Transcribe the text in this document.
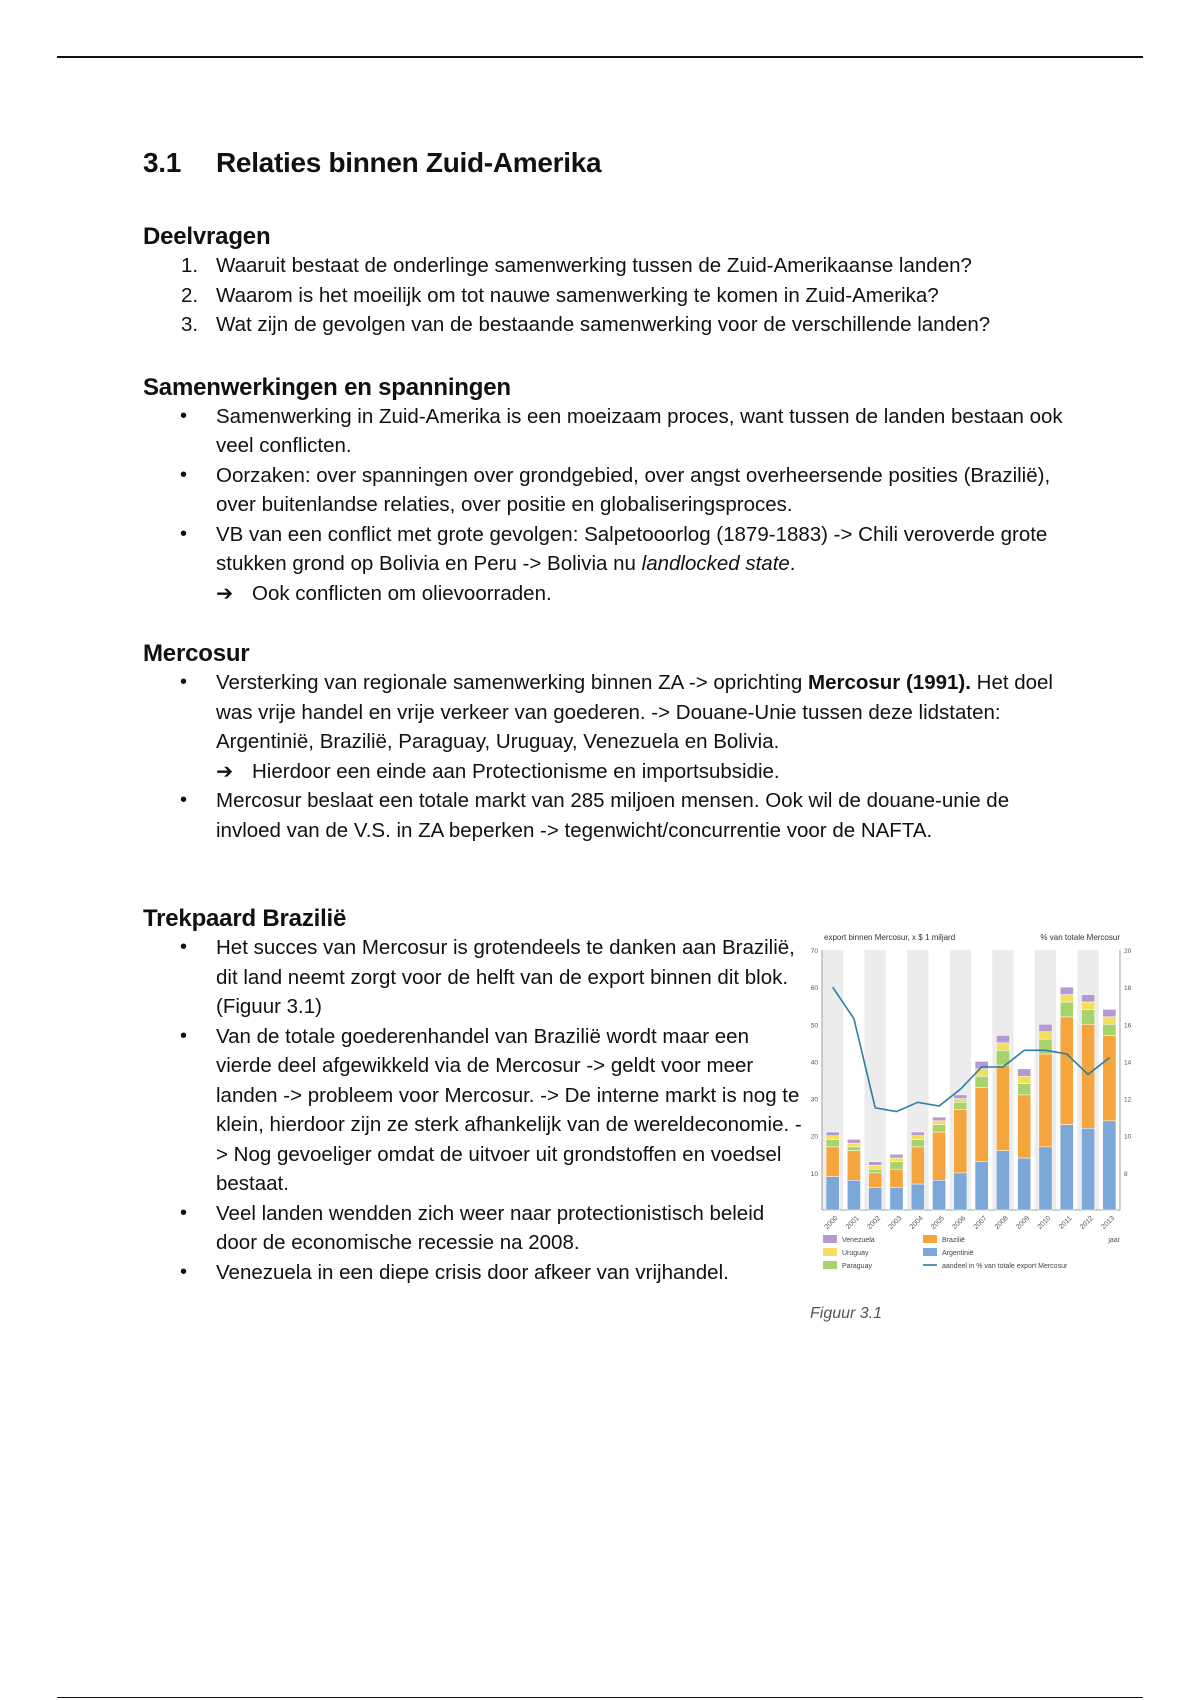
3.1 Relaties binnen Zuid-Amerika
Deelvragen
1. Waaruit bestaat de onderlinge samenwerking tussen de Zuid-Amerikaanse landen?
2. Waarom is het moeilijk om tot nauwe samenwerking te komen in Zuid-Amerika?
3. Wat zijn de gevolgen van de bestaande samenwerking voor de verschillende landen?
Samenwerkingen en spanningen
• Samenwerking in Zuid-Amerika is een moeizaam proces, want tussen de landen bestaan ook veel conflicten.
• Oorzaken: over spanningen over grondgebied, over angst overheersende posities (Brazilië), over buitenlandse relaties, over positie en globaliseringsproces.
• VB van een conflict met grote gevolgen: Salpetooorlog (1879-1883) -> Chili veroverde grote stukken grond op Bolivia en Peru -> Bolivia nu landlocked state.
➔ Ook conflicten om olievoorraden.
Mercosur
• Versterking van regionale samenwerking binnen ZA -> oprichting Mercosur (1991). Het doel was vrije handel en vrije verkeer van goederen. -> Douane-Unie tussen deze lidstaten: Argentinië, Brazilië, Paraguay, Uruguay, Venezuela en Bolivia.
➔ Hierdoor een einde aan Protectionisme en importsubsidie.
• Mercosur beslaat een totale markt van 285 miljoen mensen. Ook wil de douane-unie de invloed van de V.S. in ZA beperken -> tegenwicht/concurrentie voor de NAFTA.
Trekpaard Brazilië
• Het succes van Mercosur is grotendeels te danken aan Brazilië, dit land neemt zorgt voor de helft van de export binnen dit blok. (Figuur 3.1)
• Van de totale goederenhandel van Brazilië wordt maar een vierde deel afgewikkeld via de Mercosur -> geldt voor meer landen -> probleem voor Mercosur. -> De interne markt is nog te klein, hierdoor zijn ze sterk afhankelijk van de wereldeconomie. -> Nog gevoeliger omdat de uitvoer uit grondstoffen en voedsel bestaat.
• Veel landen wendden zich weer naar protectionistisch beleid door de economische recessie na 2008.
• Venezuela in een diepe crisis door afkeer van vrijhandel.
export binnen Mercosur, x $ 1 miljard	% van totale Mercosur
10
20
30
40
50
60
70
8
10
12
14
16
18
20
2000 2001 2002 2003 2004 2005 2006 2007 2008 2009 2010 2011 2012 2013
jaar
Venezuela
Uruguay
Paraguay
Brazilië
Argentinië
aandeel in % van totale export Mercosur
Figuur 3.1
